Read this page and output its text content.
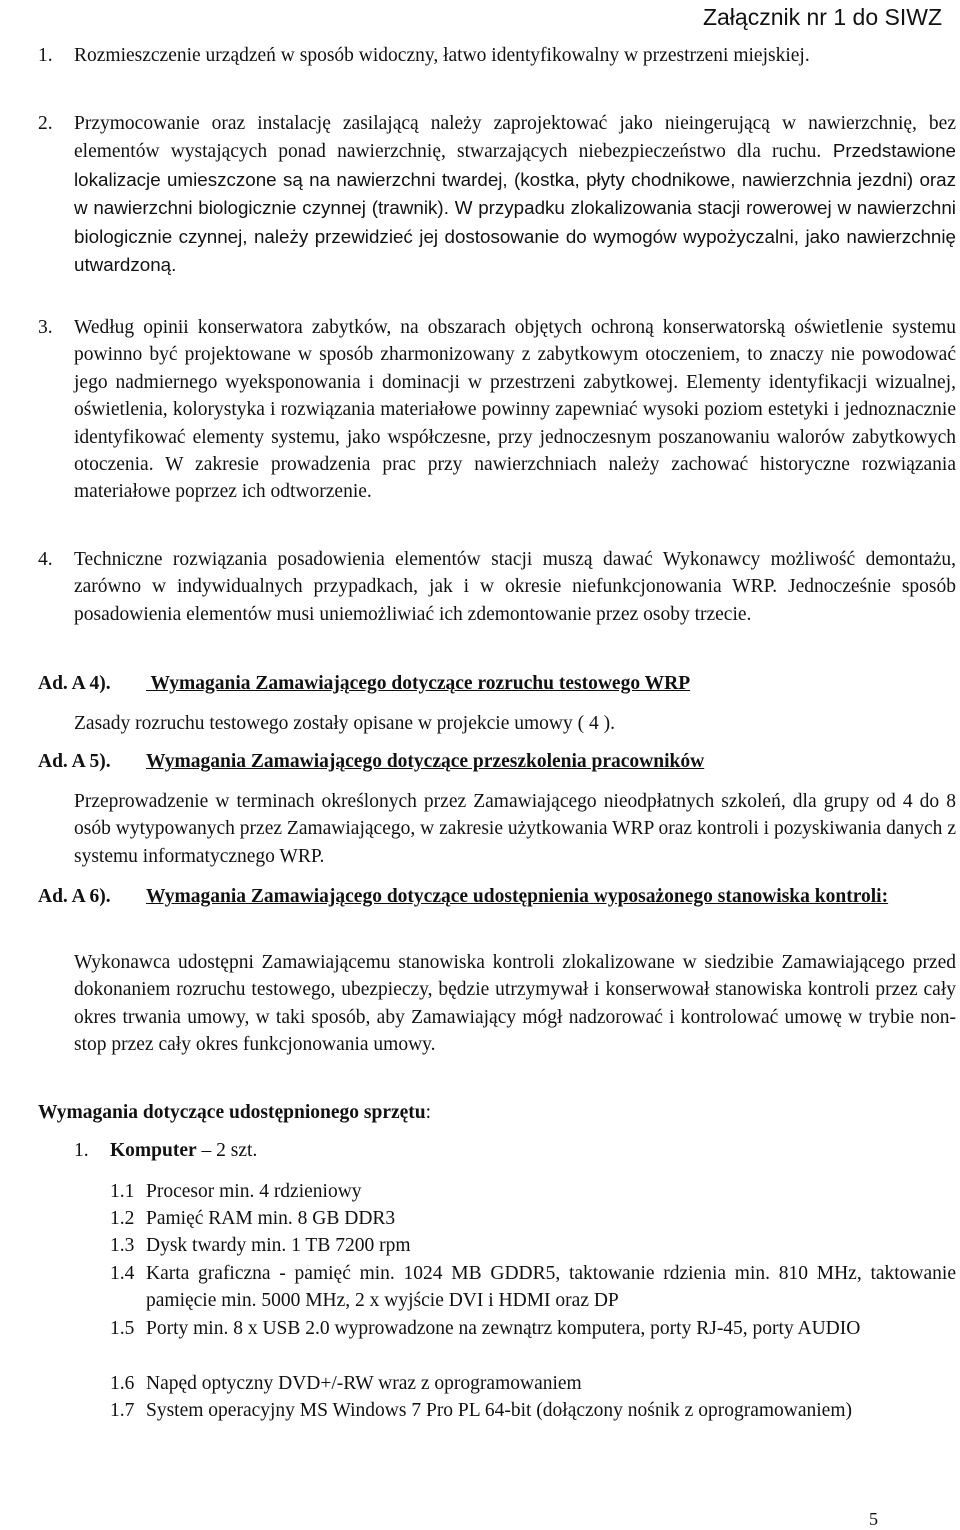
Załącznik nr 1 do SIWZ
1. Rozmieszczenie urządzeń w sposób widoczny, łatwo identyfikowalny w przestrzeni miejskiej.
2. Przymocowanie oraz instalację zasilającą należy zaprojektować jako nieingerującą w nawierzchnię, bez elementów wystających ponad nawierzchnię, stwarzających niebezpieczeństwo dla ruchu. Przedstawione lokalizacje umieszczone są na nawierzchni twardej, (kostka, płyty chodnikowe, nawierzchnia jezdni) oraz w nawierzchni biologicznie czynnej (trawnik). W przypadku zlokalizowania stacji rowerowej w nawierzchni biologicznie czynnej, należy przewidzieć jej dostosowanie do wymogów wypożyczalni, jako nawierzchnię utwardzoną.
3. Według opinii konserwatora zabytków, na obszarach objętych ochroną konserwatorską oświetlenie systemu powinno być projektowane w sposób zharmonizowany z zabytkowym otoczeniem, to znaczy nie powodować jego nadmiernego wyeksponowania i dominacji w przestrzeni zabytkowej. Elementy identyfikacji wizualnej, oświetlenia, kolorystyka i rozwiązania materiałowe powinny zapewniać wysoki poziom estetyki i jednoznacznie identyfikować elementy systemu, jako współczesne, przy jednoczesnym poszanowaniu walorów zabytkowych otoczenia. W zakresie prowadzenia prac przy nawierzchniach należy zachować historyczne rozwiązania materiałowe poprzez ich odtworzenie.
4. Techniczne rozwiązania posadowienia elementów stacji muszą dawać Wykonawcy możliwość demontażu, zarówno w indywidualnych przypadkach, jak i w okresie niefunkcjonowania WRP. Jednocześnie sposób posadowienia elementów musi uniemożliwiać ich zdemontowanie przez osoby trzecie.
Ad. A 4). Wymagania Zamawiającego dotyczące rozruchu testowego WRP
Zasady rozruchu testowego zostały opisane w projekcie umowy ( 4 ).
Ad. A 5). Wymagania Zamawiającego dotyczące przeszkolenia pracowników
Przeprowadzenie w terminach określonych przez Zamawiającego nieodpłatnych szkoleń, dla grupy od 4 do 8 osób wytypowanych przez Zamawiającego, w zakresie użytkowania WRP oraz kontroli i pozyskiwania danych z systemu informatycznego WRP.
Ad. A 6). Wymagania Zamawiającego dotyczące udostępnienia wyposażonego stanowiska kontroli:
Wykonawca udostępni Zamawiającemu stanowiska kontroli zlokalizowane w siedzibie Zamawiającego przed dokonaniem rozruchu testowego, ubezpieczy, będzie utrzymywał i konserwował stanowiska kontroli przez cały okres trwania umowy, w taki sposób, aby Zamawiający mógł nadzorować i kontrolować umowę w trybie non-stop przez cały okres funkcjonowania umowy.
Wymagania dotyczące udostępnionego sprzętu:
1. Komputer – 2 szt.
1.1 Procesor min. 4 rdzieniowy
1.2 Pamięć RAM min. 8 GB DDR3
1.3 Dysk twardy min. 1 TB 7200 rpm
1.4 Karta graficzna - pamięć min. 1024 MB GDDR5, taktowanie rdzienia min. 810 MHz, taktowanie pamięcie min. 5000 MHz, 2 x wyjście DVI i HDMI oraz DP
1.5 Porty min. 8 x USB 2.0 wyprowadzone na zewnątrz komputera, porty RJ-45, porty AUDIO
1.6 Napęd optyczny DVD+/-RW wraz z oprogramowaniem
1.7 System operacyjny MS Windows 7 Pro PL 64-bit (dołączony nośnik z oprogramowaniem)
5
